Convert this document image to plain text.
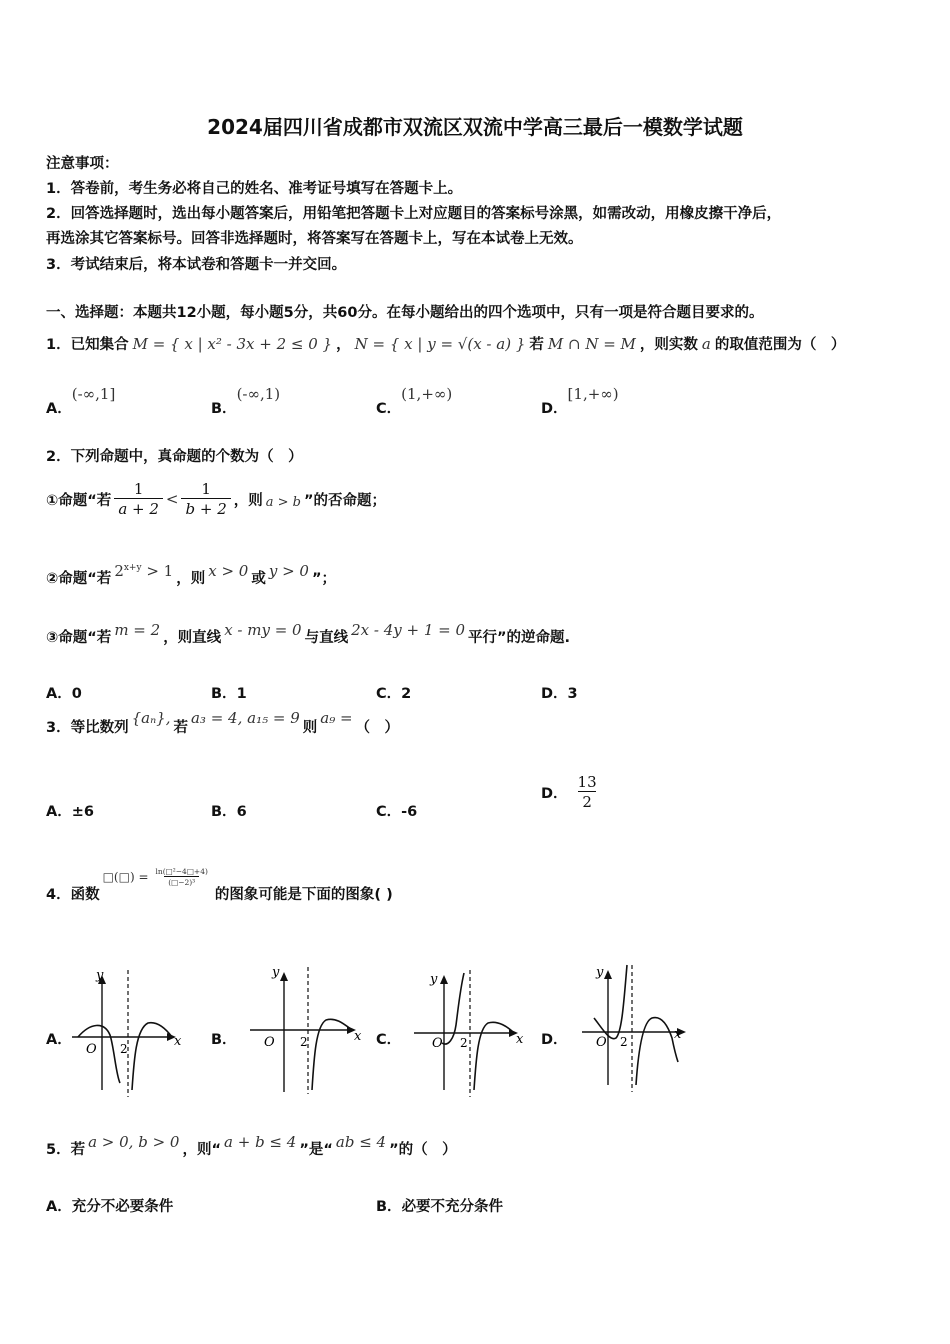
2024届四川省成都市双流区双流中学高三最后一模数学试题
注意事项：
1．答卷前，考生务必将自己的姓名、准考证号填写在答题卡上。
2．回答选择题时，选出每小题答案后，用铅笔把答题卡上对应题目的答案标号涂黑，如需改动，用橡皮擦干净后，
再选涂其它答案标号。回答非选择题时，将答案写在答题卡上，写在本试卷上无效。
3．考试结束后，将本试卷和答题卡一并交回。
一、选择题：本题共12小题，每小题5分，共60分。在每小题给出的四个选项中，只有一项是符合题目要求的。
1．已知集合 M = { x | x² - 3x + 2 ≤ 0 } ， N = { x | y = √(x - a) } 若 M ∩ N = M ，则实数 a 的取值范围为（　）
A．(-∞,1]
B．(-∞,1)
C．(1,+∞)
D．[1,+∞)
2．下列命题中，真命题的个数为（　）
①命题“若 $\frac{1}{a + 2} < \frac{1}{b + 2}$ ，则 a > b ”的否命题；
②命题“若 $2^{x+y} > 1$ ，则 x > 0 或 y > 0 ”；
③命题“若 m = 2 ，则直线 x - my = 0 与直线 2x - 4y + 1 = 0 平行”的逆命题.
A．0	B．1	C．2	D．3
3．等比数列
{aₙ},
若
a₃ = 4, a₁₅ = 9
则
a₉ =
（　）
A．±6	B．6	C．-6
D． $\frac{13}{2}$
4．函数
□(□) = $\frac{\text{ln(□²−4□+4)}}{\text{(□−2)³}}$
的图象可能是下面的图象( )
A．
y
x
O 2
B．
y
x
O 2	C．
y
x
O 2	D．
y
x
O 2
5．若 a > 0, b > 0 ，则“ a + b ≤ 4 ”是“ ab ≤ 4 ”的（　）
A．充分不必要条件	B．必要不充分条件
